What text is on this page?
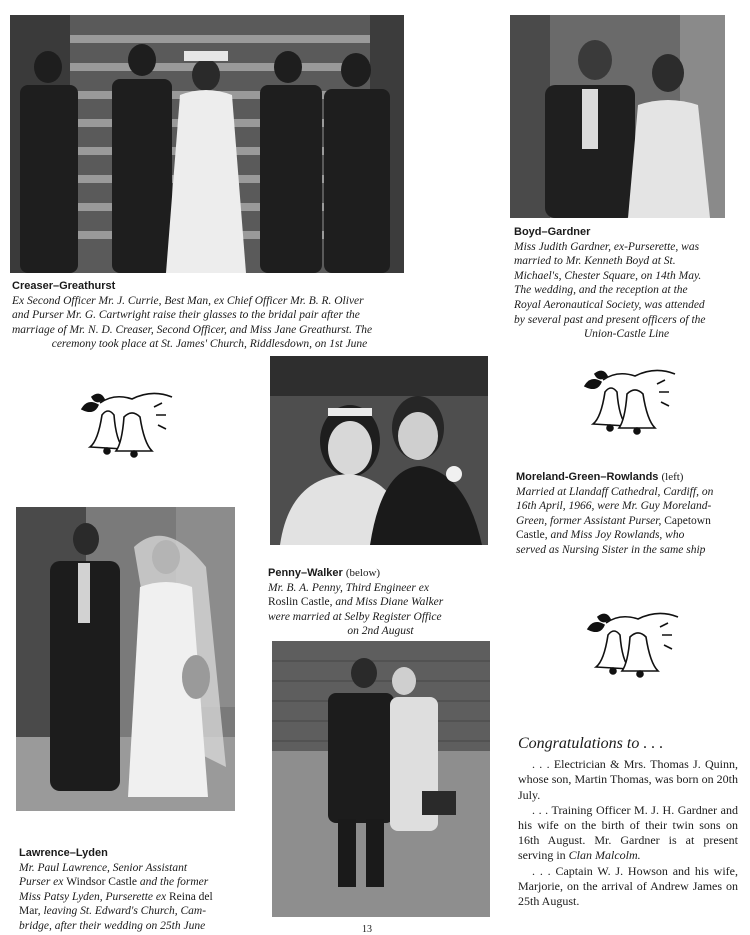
Creaser–Greathurst
Ex Second Officer Mr. J. Currie, Best Man, ex Chief Officer Mr. B. R. Oliver
and Purser Mr. G. Cartwright raise their glasses to the bridal pair after the
marriage of Mr. N. D. Creaser, Second Officer, and Miss Jane Greathurst. The
ceremony took place at St. James' Church, Riddlesdown, on 1st June
Boyd–Gardner
Miss Judith Gardner, ex-Purserette, was
married to Mr. Kenneth Boyd at St.
Michael's, Chester Square, on 14th May.
The wedding, and the reception at the
Royal Aeronautical Society, was attended
by several past and present officers of the
Union-Castle Line
Moreland-Green–Rowlands (left)
Married at Llandaff Cathedral, Cardiff, on
16th April, 1966, were Mr. Guy Moreland-
Green, former Assistant Purser, Capetown
Castle, and Miss Joy Rowlands, who
served as Nursing Sister in the same ship
Penny–Walker (below)
Mr. B. A. Penny, Third Engineer ex
Roslin Castle, and Miss Diane Walker
were married at Selby Register Office
on 2nd August
Lawrence–Lyden
Mr. Paul Lawrence, Senior Assistant
Purser ex Windsor Castle and the former
Miss Patsy Lyden, Purserette ex Reina del
Mar, leaving St. Edward's Church, Cam-
bridge, after their wedding on 25th June
Congratulations to . . .

. . . Electrician & Mrs. Thomas J. Quinn, whose son, Martin Thomas, was born on 20th July.

. . . Training Officer M. J. H. Gardner and his wife on the birth of their twin sons on 16th August. Mr. Gardner is at present serving in Clan Malcolm.

. . . Captain W. J. Howson and his wife, Marjorie, on the arrival of Andrew James on 25th August.

13
